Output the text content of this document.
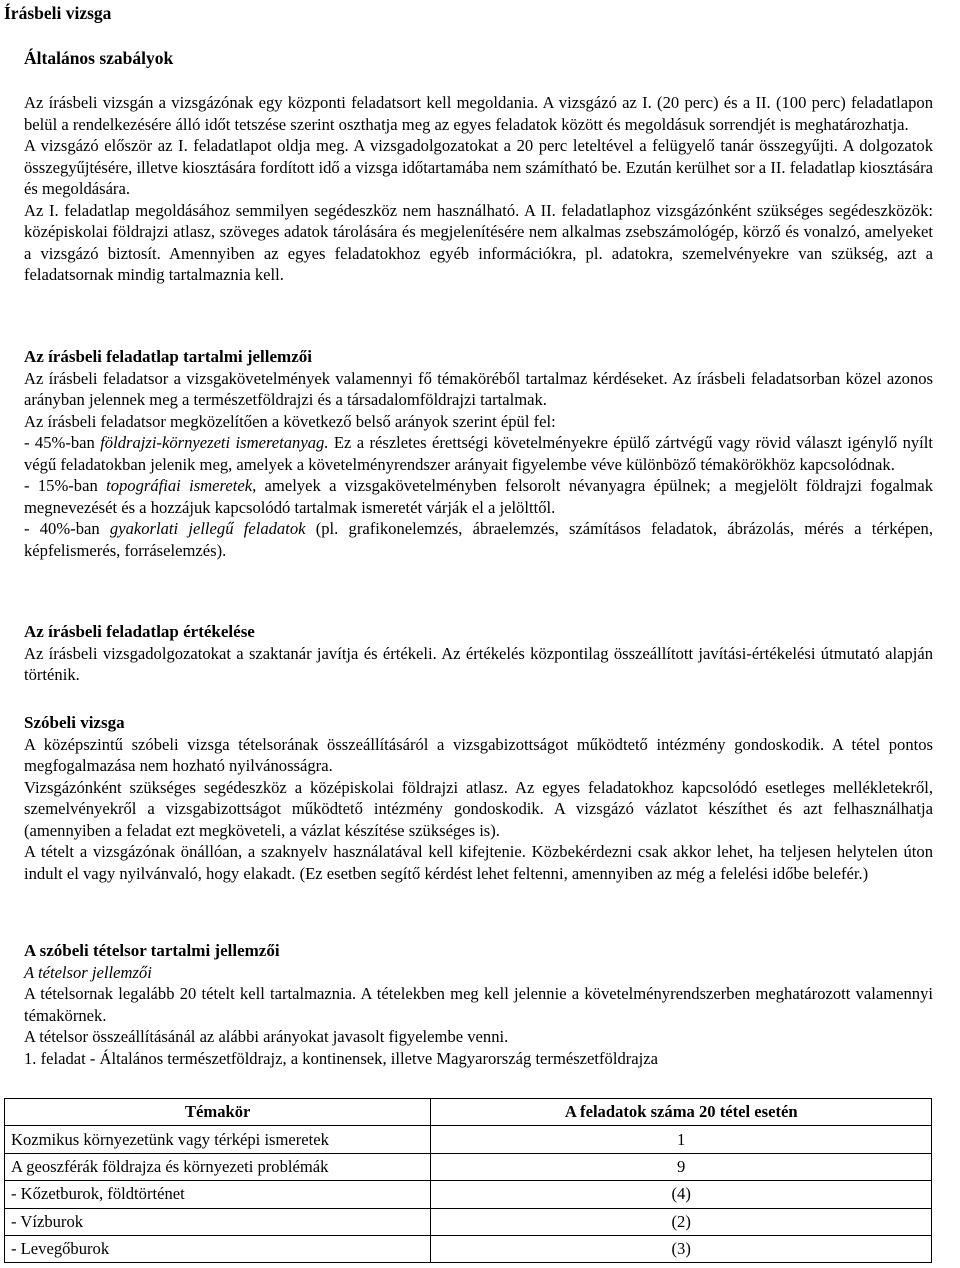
Írásbeli vizsga
Általános szabályok

Az írásbeli vizsgán a vizsgázónak egy központi feladatsort kell megoldania. A vizsgázó az I. (20 perc) és a II. (100 perc) feladatlapon belül a rendelkezésére álló időt tetszése szerint oszthatja meg az egyes feladatok között és megoldásuk sorrendjét is meghatározhatja.

A vizsgázó először az I. feladatlapot oldja meg. A vizsgadolgozatokat a 20 perc leteltével a felügyelő tanár összegyűjti. A dolgozatok összegyűjtésére, illetve kiosztására fordított idő a vizsga időtartamába nem számítható be. Ezután kerülhet sor a II. feladatlap kiosztására és megoldására.

Az I. feladatlap megoldásához semmilyen segédeszköz nem használható. A II. feladatlaphoz vizsgázónként szükséges segédeszközök: középiskolai földrajzi atlasz, szöveges adatok tárolására és megjelenítésére nem alkalmas zsebszámológép, körző és vonalzó, amelyeket a vizsgázó biztosít. Amennyiben az egyes feladatokhoz egyéb információkra, pl. adatokra, szemelvényekre van szükség, azt a feladatsornak mindig tartalmaznia kell.

Az írásbeli feladatlap tartalmi jellemzői

Az írásbeli feladatsor a vizsgakövetelmények valamennyi fő témaköréből tartalmaz kérdéseket. Az írásbeli feladatsorban közel azonos arányban jelennek meg a természetföldrajzi és a társadalomföldrajzi tartalmak.

Az írásbeli feladatsor megközelítően a következő belső arányok szerint épül fel:

- 45%-ban földrajzi-környezeti ismeretanyag. Ez a részletes érettségi követelményekre épülő zártvégű vagy rövid választ igénylő nyílt végű feladatokban jelenik meg, amelyek a követelményrendszer arányait figyelembe véve különböző témakörökhöz kapcsolódnak.

- 15%-ban topográfiai ismeretek, amelyek a vizsgakövetelményben felsorolt névanyagra épülnek; a megjelölt földrajzi fogalmak megnevezését és a hozzájuk kapcsolódó tartalmak ismeretét várják el a jelölttől.

- 40%-ban gyakorlati jellegű feladatok (pl. grafikonelemzés, ábraelemzés, számításos feladatok, ábrázolás, mérés a térképen, képfelismerés, forráselemzés).

Az írásbeli feladatlap értékelése

Az írásbeli vizsgadolgozatokat a szaktanár javítja és értékeli. Az értékelés központilag összeállított javítási-értékelési útmutató alapján történik.

Szóbeli vizsga

A középszintű szóbeli vizsga tételsorának összeállításáról a vizsgabizottságot működtető intézmény gondoskodik. A tétel pontos megfogalmazása nem hozható nyilvánosságra.

Vizsgázónként szükséges segédeszköz a középiskolai földrajzi atlasz. Az egyes feladatokhoz kapcsolódó esetleges mellékletekről, szemelvényekről a vizsgabizottságot működtető intézmény gondoskodik. A vizsgázó vázlatot készíthet és azt felhasználhatja (amennyiben a feladat ezt megköveteli, a vázlat készítése szükséges is).

A tételt a vizsgázónak önállóan, a szaknyelv használatával kell kifejtenie. Közbekérdezni csak akkor lehet, ha teljesen helytelen úton indult el vagy nyilvánvaló, hogy elakadt. (Ez esetben segítő kérdést lehet feltenni, amennyiben az még a felelési időbe belefér.)

A szóbeli tételsor tartalmi jellemzői

A tételsor jellemzői

A tételsornak legalább 20 tételt kell tartalmaznia. A tételekben meg kell jelennie a követelményrendszerben meghatározott valamennyi témakörnek.

A tételsor összeállításánál az alábbi arányokat javasolt figyelembe venni.

1. feladat - Általános természetföldrajz, a kontinensek, illetve Magyarország természetföldrajza

Témakör	A feladatok száma 20 tétel esetén
Kozmikus környezetünk vagy térképi ismeretek	1
A geoszférák földrajza és környezeti problémák	9
- Kőzetburok, földtörténet	(4)
- Vízburok	(2)
- Levegőburok	(3)
